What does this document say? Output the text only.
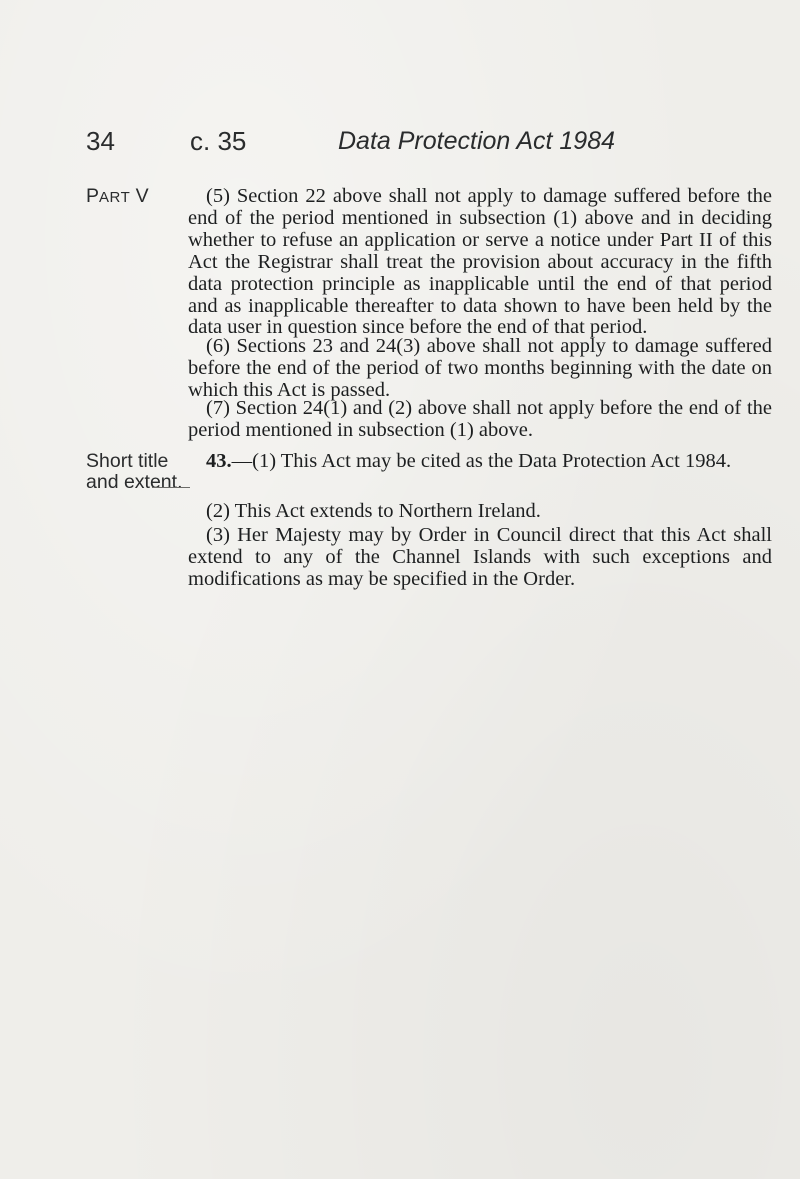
34	c. 35	Data Protection Act 1984
PART V
Short title
and extent.

(5) Section 22 above shall not apply to damage suffered before the end of the period mentioned in subsection (1) above and in deciding whether to refuse an application or serve a notice under Part II of this Act the Registrar shall treat the provision about accuracy in the fifth data protection principle as inapplicable until the end of that period and as inapplicable thereafter to data shown to have been held by the data user in question since before the end of that period.

(6) Sections 23 and 24(3) above shall not apply to damage suffered before the end of the period of two months beginning with the date on which this Act is passed.

(7) Section 24(1) and (2) above shall not apply before the end of the period mentioned in subsection (1) above.

43.—(1) This Act may be cited as the Data Protection Act 1984.

(2) This Act extends to Northern Ireland.

(3) Her Majesty may by Order in Council direct that this Act shall extend to any of the Channel Islands with such exceptions and modifications as may be specified in the Order.
